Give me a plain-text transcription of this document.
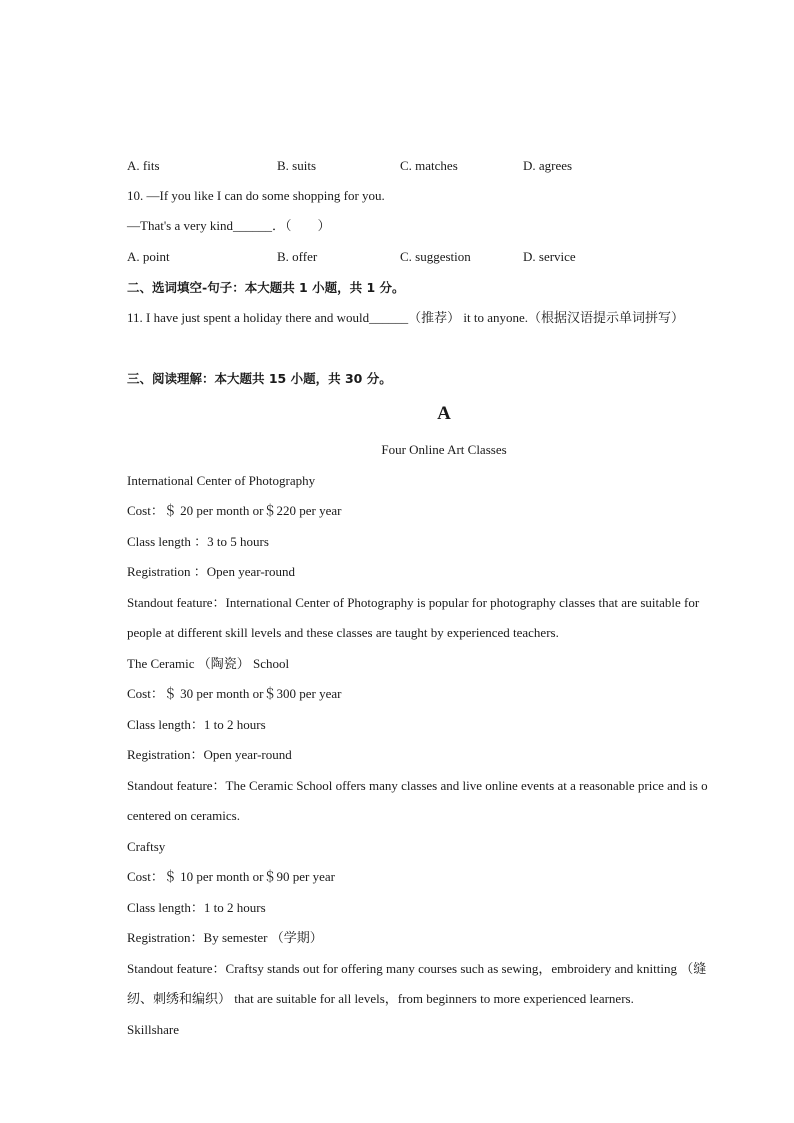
A. fits	B. suits	C. matches	D. agrees
10. —If you like I can do some shopping for you.
—That's a very kind______．（　　）
A. point	B. offer	C. suggestion	D. service
二、选词填空-句子：本大题共 1 小题，共 1 分。
11. I have just spent a holiday there and would______（推荐） it to anyone.（根据汉语提示单词拼写）
三、阅读理解：本大题共 15 小题，共 30 分。
A
Four Online Art Classes
International Center of Photography
Cost：＄ 20 per month or＄220 per year
Class length ：3 to 5 hours
Registration ：Open year-round
Standout feature：International Center of Photography is popular for photography classes that are suitable for
people at different skill levels and these classes are taught by experienced teachers.
The Ceramic （陶瓷） School
Cost：＄ 30 per month or＄300 per year
Class length：1 to 2 hours
Registration：Open year-round
Standout feature：The Ceramic School offers many classes and live online events at a reasonable price and is o
centered on ceramics.
Craftsy
Cost：＄ 10 per month or＄90 per year
Class length：1 to 2 hours
Registration：By semester （学期）
Standout feature：Craftsy stands out for offering many courses such as sewing，embroidery and knitting （缝
纫、刺绣和编织） that are suitable for all levels，from beginners to more experienced learners.
Skillshare
